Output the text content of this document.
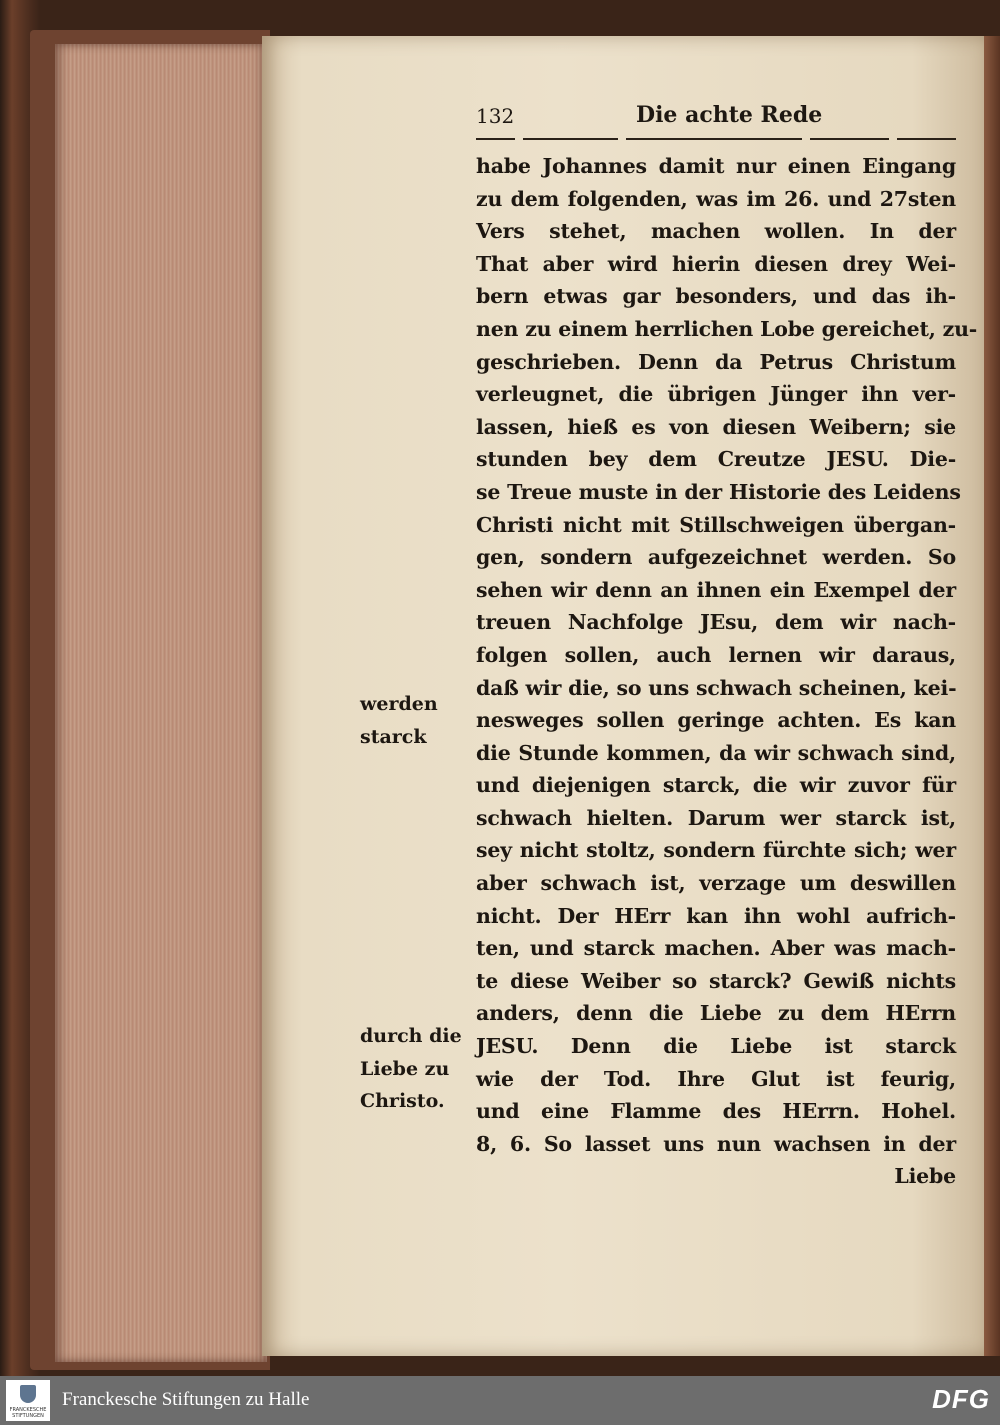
132	Die achte Rede
habe Johannes damit nur einen Eingang
zu dem folgenden, was im 26. und 27sten
Vers stehet, machen wollen. In der
That aber wird hierin diesen drey Wei-
bern etwas gar besonders, und das ih-
nen zu einem herrlichen Lobe gereichet, zu-
geschrieben. Denn da Petrus Christum
verleugnet, die übrigen Jünger ihn ver-
lassen, hieß es von diesen Weibern; sie
stunden bey dem Creutze JESU. Die-
se Treue muste in der Historie des Leidens
Christi nicht mit Stillschweigen übergan-
gen, sondern aufgezeichnet werden. So
sehen wir denn an ihnen ein Exempel der
treuen Nachfolge JEsu, dem wir nach-
folgen sollen, auch lernen wir daraus,
daß wir die, so uns schwach scheinen, kei-
nesweges sollen geringe achten. Es kan
die Stunde kommen, da wir schwach sind,
und diejenigen starck, die wir zuvor für
schwach hielten. Darum wer starck ist,
sey nicht stoltz, sondern fürchte sich; wer
aber schwach ist, verzage um deswillen
nicht. Der HErr kan ihn wohl aufrich-
ten, und starck machen. Aber was mach-
te diese Weiber so starck? Gewiß nichts
anders, denn die Liebe zu dem HErrn
JESU. Denn die Liebe ist starck
wie der Tod. Ihre Glut ist feurig,
und eine Flamme des HErrn. Hohel.
8, 6. So lasset uns nun wachsen in der
Liebe
werden
starck
durch die
Liebe zu
Christo.
FRANCKESCHE
STIFTUNGEN
Franckesche Stiftungen zu Halle	DFG
